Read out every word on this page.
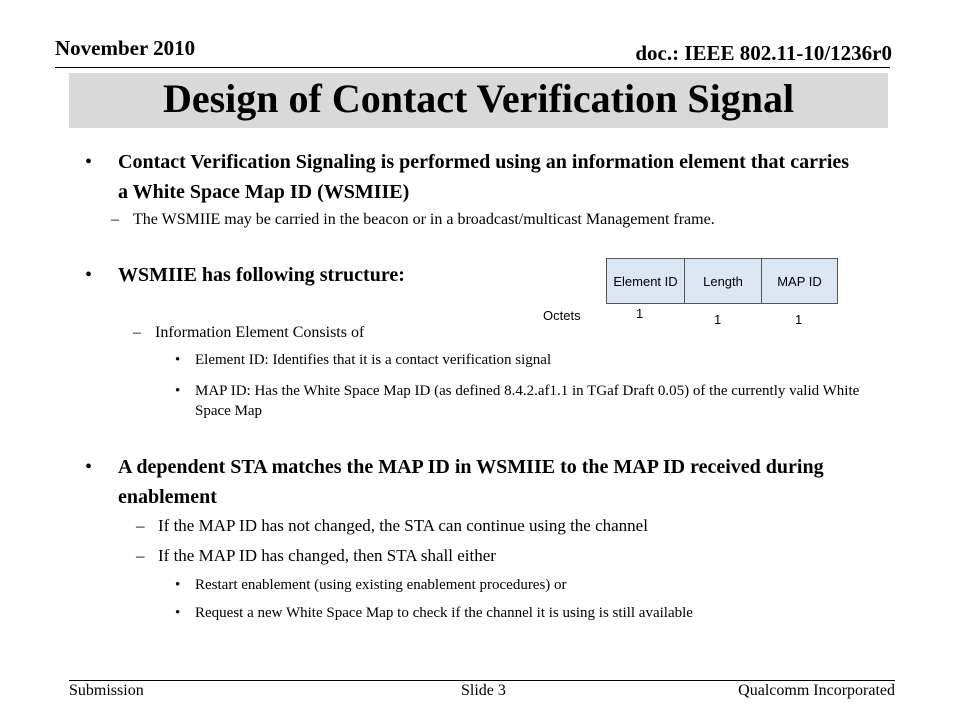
November 2010	doc.: IEEE 802.11-10/1236r0
Design of Contact Verification Signal
• Contact Verification Signaling is performed using an information element that carries a White Space Map ID (WSMIIE)
– The WSMIIE may be carried in the beacon or in a broadcast/multicast Management frame.
• WSMIIE has following structure:	Element ID	Length	MAP ID
Octets	1	1	1
– Information Element Consists of
• Element ID: Identifies that it is a contact verification signal
• MAP ID: Has the White Space Map ID (as defined 8.4.2.af1.1 in TGaf Draft 0.05) of the currently valid White Space Map
• A dependent STA matches the MAP ID in WSMIIE to the MAP ID received during enablement
– If the MAP ID has not changed, the STA can continue using the channel
– If the MAP ID has changed, then STA shall either
• Restart enablement (using existing enablement procedures) or
• Request a new White Space Map to check if the channel it is using is still available
Submission	Slide 3	Qualcomm Incorporated
